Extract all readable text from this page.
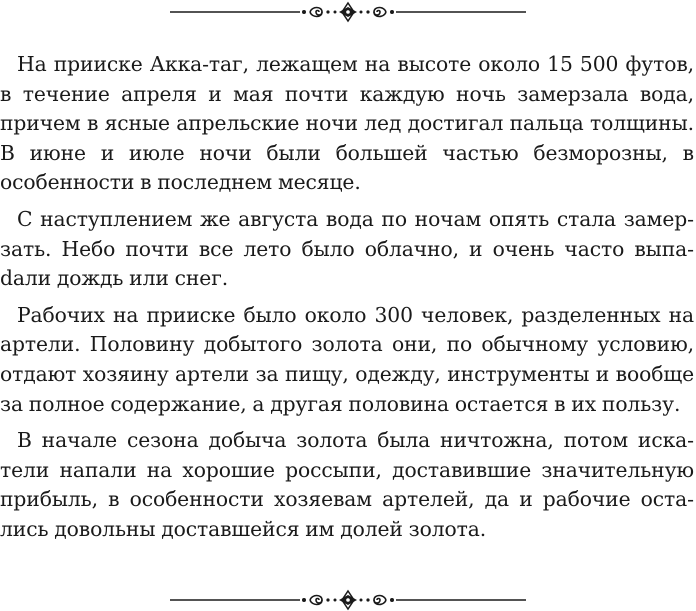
На прииске Акка-таг, лежащем на высоте около 15 500 футов, в течение апреля и мая почти каждую ночь замерзала вода, причем в ясные апрельские ночи лед достигал пальца толщины. В июне и июле ночи были большей частью безморозны, в особенности в последнем месяце.

С наступлением же августа вода по ночам опять стала замерзать. Небо почти все лето было облачно, и очень часто выпаdали дождь или снег.

Рабочих на прииске было около 300 человек, разделенных на артели. Половину добытого золота они, по обычному условию, отдают хозяину артели за пищу, одежду, инструменты и вообще за полное содержание, а другая половина остается в их пользу.

В начале сезона добыча золота была ничтожна, потом искатели напали на хорошие россыпи, доставившие значительную прибыль, в особенности хозяевам артелей, да и рабочие остались довольны доставшейся им долей золота.
